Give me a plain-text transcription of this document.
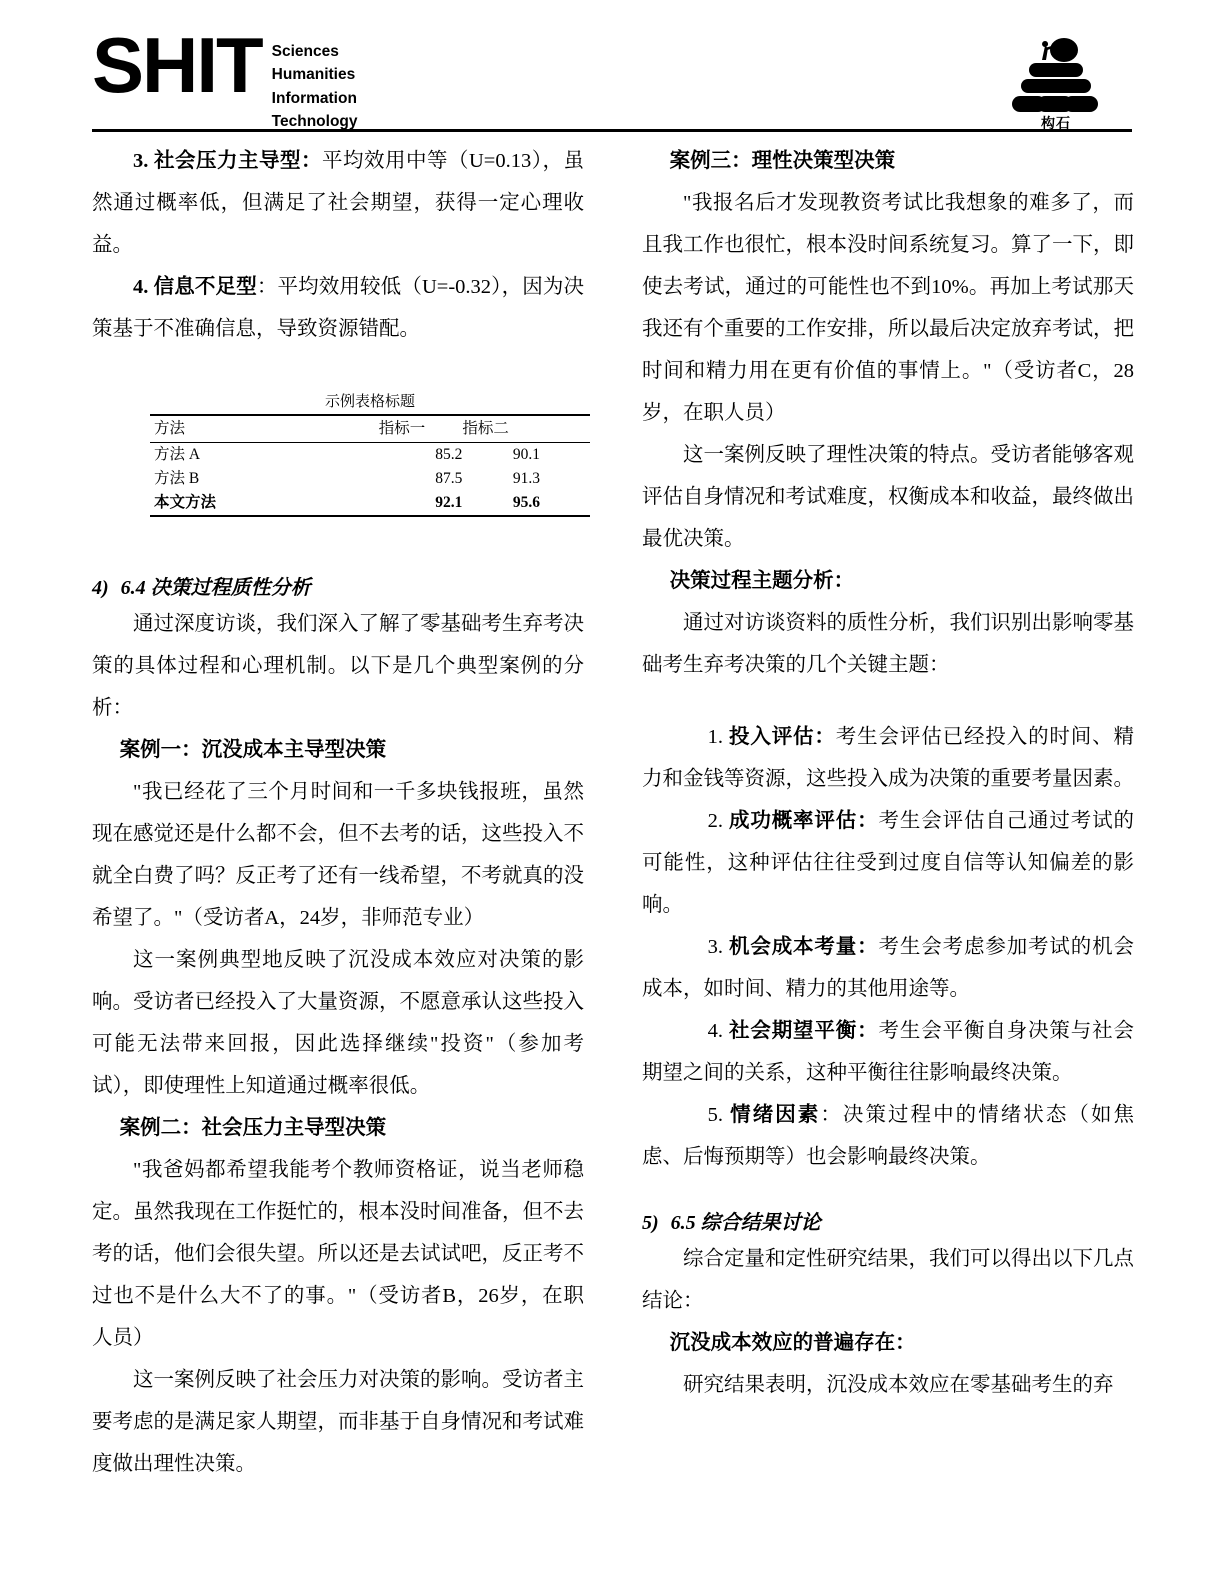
SHIT Sciences
Humanities
Information
Technology	构石

3. 社会压力主导型：平均效用中等（U=0.13），虽然通过概率低，但满足了社会期望，获得一定心理收益。

4. 信息不足型：平均效用较低（U=-0.32），因为决策基于不准确信息，导致资源错配。

示例表格标题
方法	指标一	指标二	
方法 A	85.2	90.1	
方法 B	87.5	91.3	
本文方法	92.1	95.6	

4) 6.4 决策过程质性分析

通过深度访谈，我们深入了解了零基础考生弃考决策的具体过程和心理机制。以下是几个典型案例的分析：

案例一：沉没成本主导型决策

"我已经花了三个月时间和一千多块钱报班，虽然现在感觉还是什么都不会，但不去考的话，这些投入不就全白费了吗？反正考了还有一线希望，不考就真的没希望了。"（受访者A，24岁，非师范专业）

这一案例典型地反映了沉没成本效应对决策的影响。受访者已经投入了大量资源，不愿意承认这些投入可能无法带来回报，因此选择继续"投资"（参加考试），即使理性上知道通过概率很低。

案例二：社会压力主导型决策

"我爸妈都希望我能考个教师资格证，说当老师稳定。虽然我现在工作挺忙的，根本没时间准备，但不去考的话，他们会很失望。所以还是去试试吧，反正考不过也不是什么大不了的事。"（受访者B，26岁，在职人员）

这一案例反映了社会压力对决策的影响。受访者主要考虑的是满足家人期望，而非基于自身情况和考试难度做出理性决策。

案例三：理性决策型决策

"我报名后才发现教资考试比我想象的难多了，而且我工作也很忙，根本没时间系统复习。算了一下，即使去考试，通过的可能性也不到10%。再加上考试那天我还有个重要的工作安排，所以最后决定放弃考试，把时间和精力用在更有价值的事情上。"（受访者C，28岁，在职人员）

这一案例反映了理性决策的特点。受访者能够客观评估自身情况和考试难度，权衡成本和收益，最终做出最优决策。

决策过程主题分析：

通过对访谈资料的质性分析，我们识别出影响零基础考生弃考决策的几个关键主题：

1. 投入评估：考生会评估已经投入的时间、精力和金钱等资源，这些投入成为决策的重要考量因素。

2. 成功概率评估：考生会评估自己通过考试的可能性，这种评估往往受到过度自信等认知偏差的影响。

3. 机会成本考量：考生会考虑参加考试的机会成本，如时间、精力的其他用途等。

4. 社会期望平衡：考生会平衡自身决策与社会期望之间的关系，这种平衡往往影响最终决策。

5. 情绪因素：决策过程中的情绪状态（如焦虑、后悔预期等）也会影响最终决策。

5) 6.5 综合结果讨论

综合定量和定性研究结果，我们可以得出以下几点结论：

沉没成本效应的普遍存在：

研究结果表明，沉没成本效应在零基础考生的弃
